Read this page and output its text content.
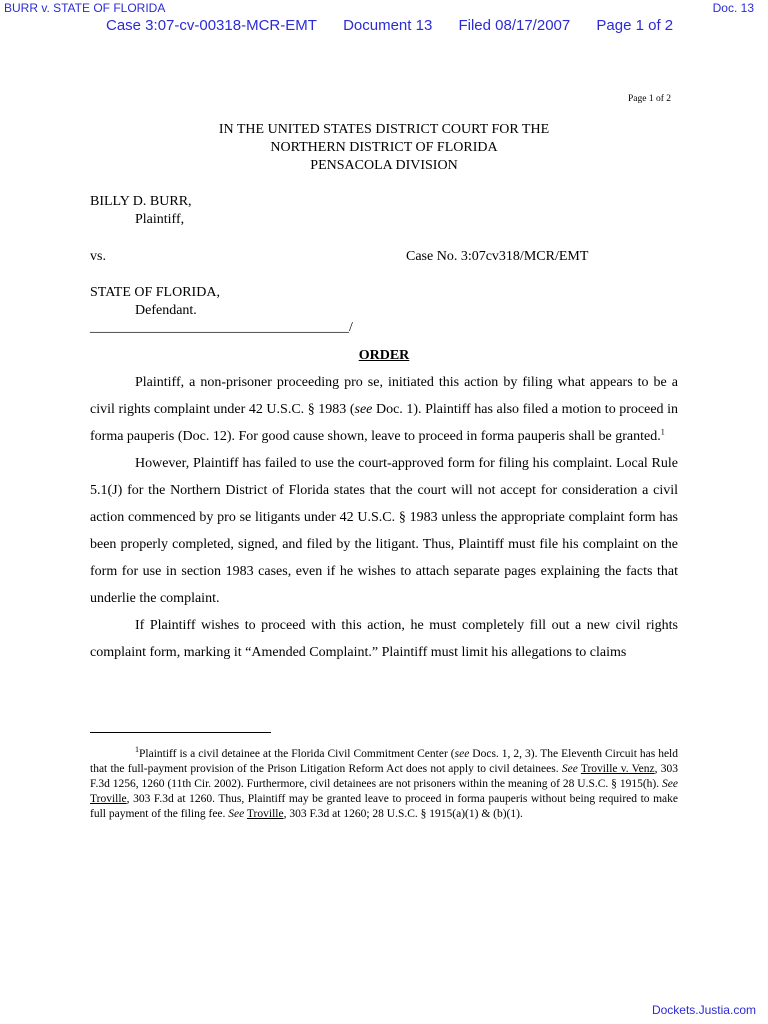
BURR v. STATE OF FLORIDA	Doc. 13
Case 3:07-cv-00318-MCR-EMT Document 13 Filed 08/17/2007 Page 1 of 2
Page 1 of 2
IN THE UNITED STATES DISTRICT COURT FOR THE
NORTHERN DISTRICT OF FLORIDA
PENSACOLA DIVISION
BILLY D. BURR,
Plaintiff,
vs.	Case No. 3:07cv318/MCR/EMT
STATE OF FLORIDA,
Defendant.
_____________________________________/
ORDER

Plaintiff, a non-prisoner proceeding pro se, initiated this action by filing what appears to be a civil rights complaint under 42 U.S.C. § 1983 (see Doc. 1). Plaintiff has also filed a motion to proceed in forma pauperis (Doc. 12). For good cause shown, leave to proceed in forma pauperis shall be granted.$^1$

However, Plaintiff has failed to use the court-approved form for filing his complaint. Local Rule 5.1(J) for the Northern District of Florida states that the court will not accept for consideration a civil action commenced by pro se litigants under 42 U.S.C. § 1983 unless the appropriate complaint form has been properly completed, signed, and filed by the litigant. Thus, Plaintiff must file his complaint on the form for use in section 1983 cases, even if he wishes to attach separate pages explaining the facts that underlie the complaint.

If Plaintiff wishes to proceed with this action, he must completely fill out a new civil rights complaint form, marking it “Amended Complaint.” Plaintiff must limit his allegations to claims

$^1$Plaintiff is a civil detainee at the Florida Civil Commitment Center (see Docs. 1, 2, 3). The Eleventh Circuit has held that the full-payment provision of the Prison Litigation Reform Act does not apply to civil detainees. See Troville v. Venz, 303 F.3d 1256, 1260 (11th Cir. 2002). Furthermore, civil detainees are not prisoners within the meaning of 28 U.S.C. § 1915(h). See Troville, 303 F.3d at 1260. Thus, Plaintiff may be granted leave to proceed in forma pauperis without being required to make full payment of the filing fee. See Troville, 303 F.3d at 1260; 28 U.S.C. § 1915(a)(1) & (b)(1).

Dockets.Justia.com
